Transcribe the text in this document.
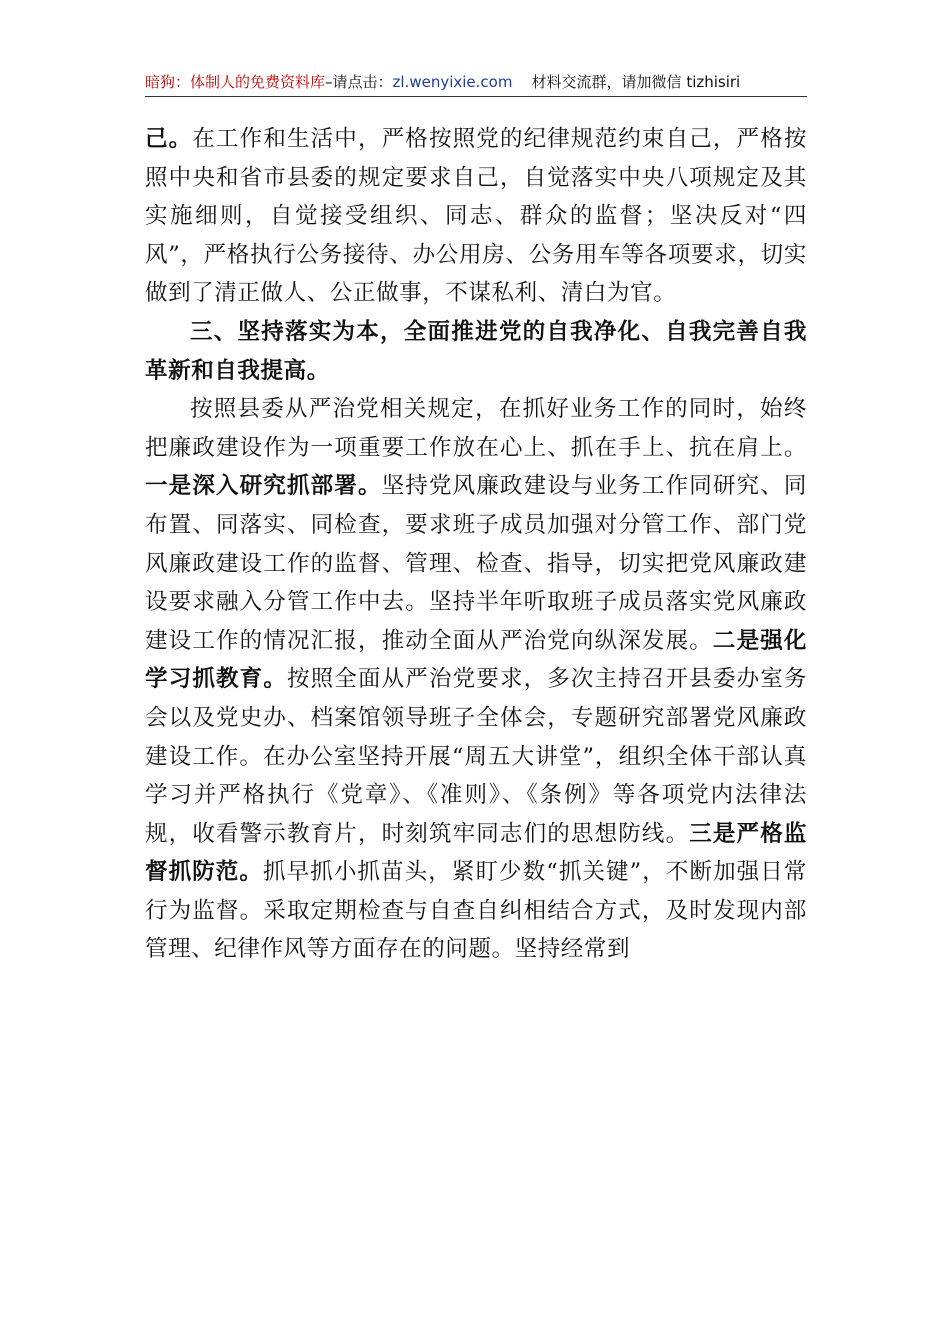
暗狗：体制人的免费资料库–请点击：zl.wenyixie.com 材料交流群，请加微信 tizhisiri

己。在工作和生活中，严格按照党的纪律规范约束自己，严格按照中央和省市县委的规定要求自己，自觉落实中央八项规定及其实施细则，自觉接受组织、同志、群众的监督；坚决反对“四风”，严格执行公务接待、办公用房、公务用车等各项要求，切实做到了清正做人、公正做事，不谋私利、清白为官。

三、坚持落实为本，全面推进党的自我净化、自我完善自我革新和自我提高。

按照县委从严治党相关规定，在抓好业务工作的同时，始终把廉政建设作为一项重要工作放在心上、抓在手上、抗在肩上。一是深入研究抓部署。坚持党风廉政建设与业务工作同研究、同布置、同落实、同检查，要求班子成员加强对分管工作、部门党风廉政建设工作的监督、管理、检查、指导，切实把党风廉政建设要求融入分管工作中去。坚持半年听取班子成员落实党风廉政建设工作的情况汇报，推动全面从严治党向纵深发展。二是强化学习抓教育。按照全面从严治党要求，多次主持召开县委办室务会以及党史办、档案馆领导班子全体会，专题研究部署党风廉政建设工作。在办公室坚持开展“周五大讲堂”，组织全体干部认真学习并严格执行《党章》、《准则》、《条例》等各项党内法律法规，收看警示教育片，时刻筑牢同志们的思想防线。三是严格监督抓防范。抓早抓小抓苗头，紧盯少数“抓关键”，不断加强日常行为监督。采取定期检查与自查自纠相结合方式，及时发现内部管理、纪律作风等方面存在的问题。坚持经常到
